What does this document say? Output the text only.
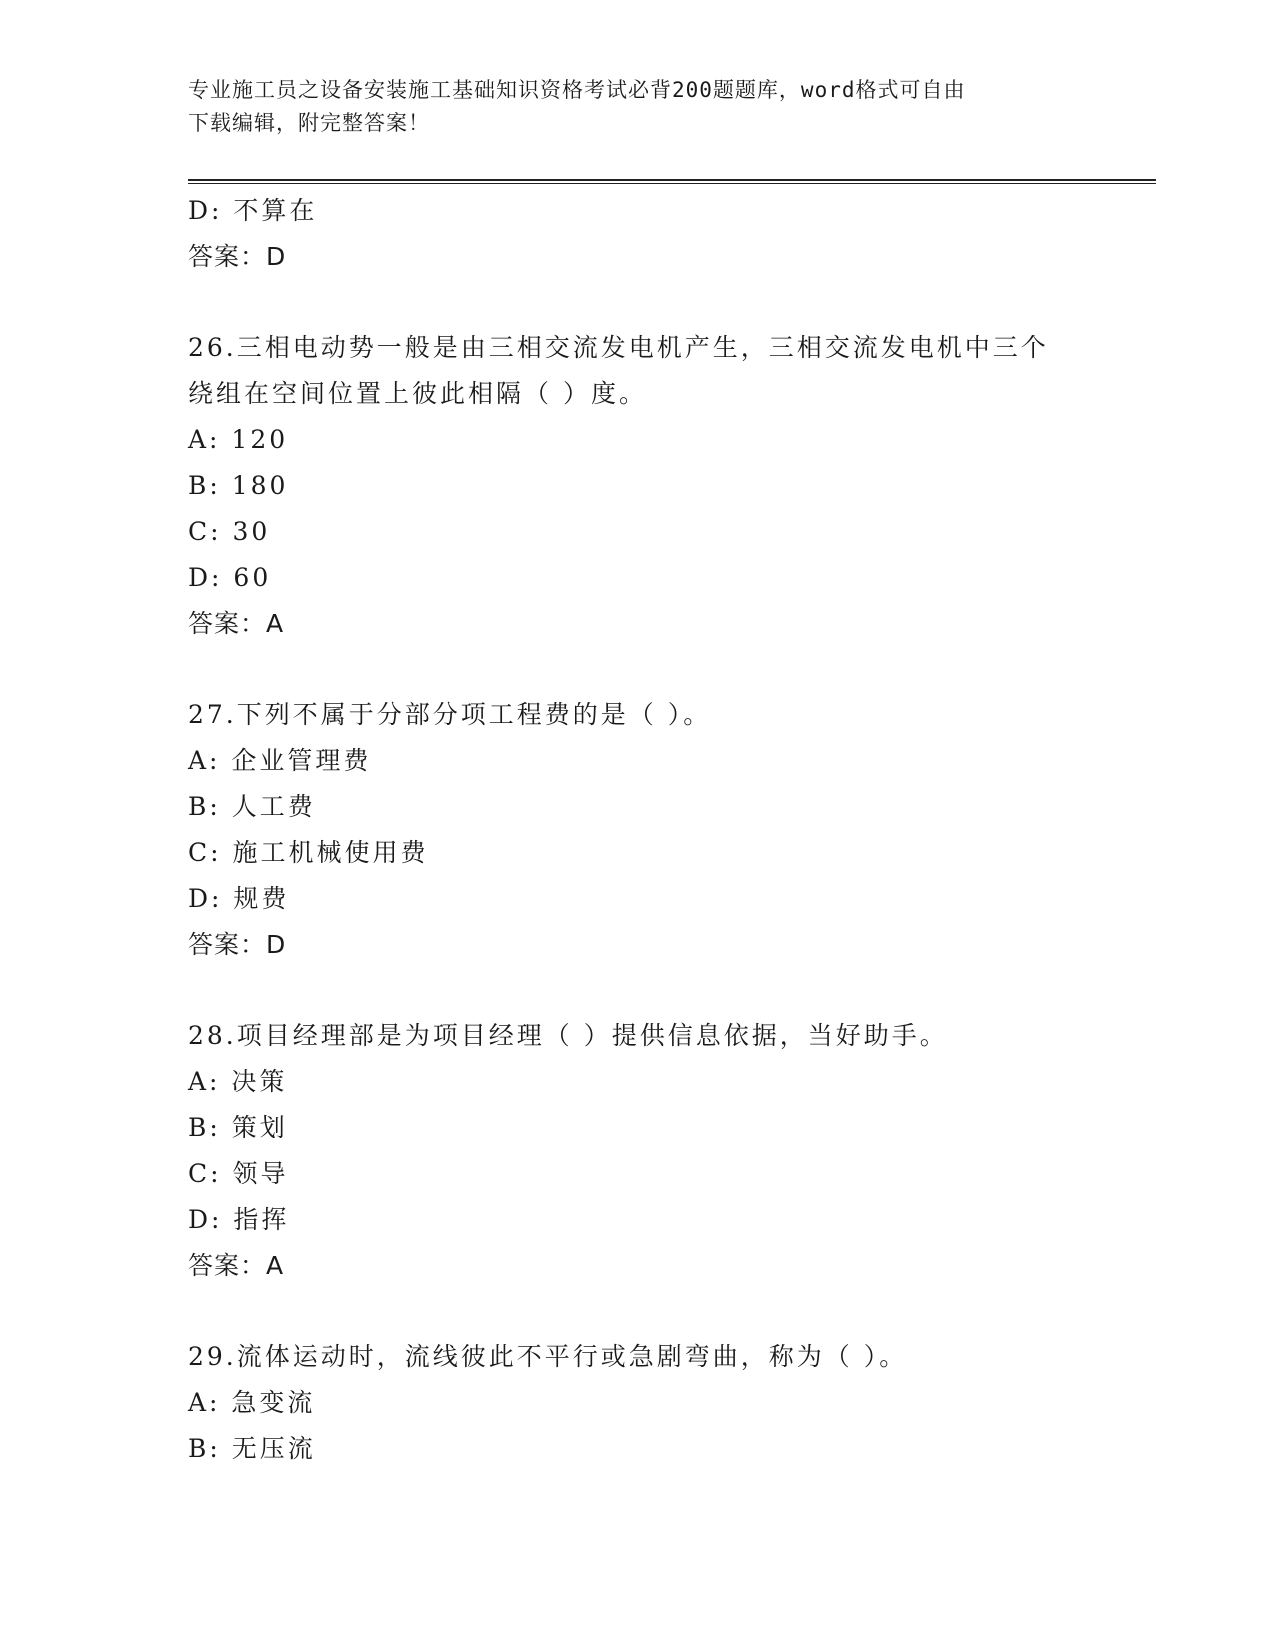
专业施工员之设备安装施工基础知识资格考试必背200题题库，word格式可自由
下载编辑，附完整答案！
D: 不算在
答案：D
26.三相电动势一般是由三相交流发电机产生，三相交流发电机中三个
绕组在空间位置上彼此相隔（ ）度。
A: 120
B: 180
C: 30
D: 60
答案：A
27.下列不属于分部分项工程费的是（ ）。
A: 企业管理费
B: 人工费
C: 施工机械使用费
D: 规费
答案：D
28.项目经理部是为项目经理（ ）提供信息依据，当好助手。
A: 决策
B: 策划
C: 领导
D: 指挥
答案：A
29.流体运动时，流线彼此不平行或急剧弯曲，称为（ ）。
A: 急变流
B: 无压流
